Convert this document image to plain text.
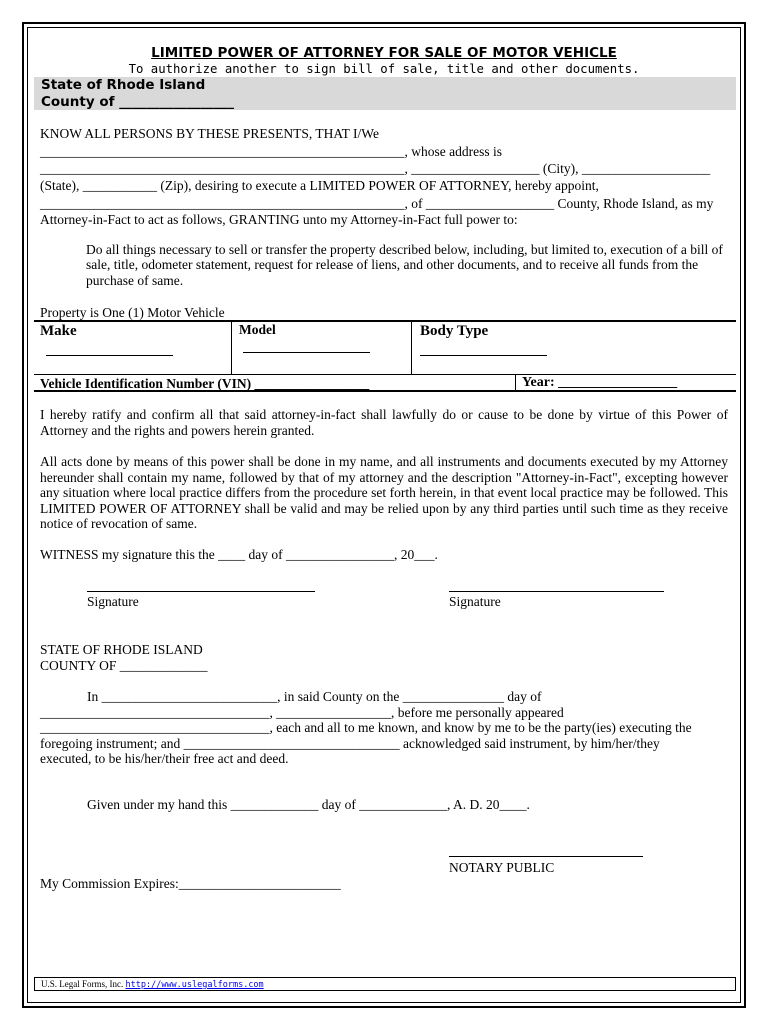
LIMITED POWER OF ATTORNEY FOR SALE OF MOTOR VEHICLE
To authorize another to sign bill of sale, title and other documents.
State of Rhode Island
County of _________________
KNOW ALL PERSONS BY THESE PRESENTS, THAT I/We
______________________________________________________, whose address is
______________________________________________________, ___________________ (City), ___________________
(State), ___________ (Zip), desiring to execute a LIMITED POWER OF ATTORNEY, hereby appoint,
______________________________________________________, of ___________________ County, Rhode Island, as my
Attorney-in-Fact to act as follows, GRANTING unto my Attorney-in-Fact full power to:
Do all things necessary to sell or transfer the property described below, including, but limited to, execution of a bill of sale, title, odometer statement, request for release of liens, and other documents, and to receive all funds from the purchase of same.
Property is One (1) Motor Vehicle
Make	Model	Body Type
Vehicle Identification Number (VIN) _________________	Year: _________________
I hereby ratify and confirm all that said attorney-in-fact shall lawfully do or cause to be done by virtue of this Power of Attorney and the rights and powers herein granted.
All acts done by means of this power shall be done in my name, and all instruments and documents executed by my Attorney hereunder shall contain my name, followed by that of my attorney and the description "Attorney-in-Fact", excepting however any situation where local practice differs from the procedure set forth herein, in that event local practice may be followed. This LIMITED POWER OF ATTORNEY shall be valid and may be relied upon by any third parties until such time as they receive notice of revocation of same.
WITNESS my signature this the ____ day of ________________, 20___.
Signature	Signature
STATE OF RHODE ISLAND
COUNTY OF _____________
In __________________________, in said County on the _______________ day of
__________________________________, _________________, before me personally appeared
__________________________________, each and all to me known, and know by me to be the party(ies) executing the
foregoing instrument; and ________________________________ acknowledged said instrument, by him/her/they
executed, to be his/her/their free act and deed.
Given under my hand this _____________ day of _____________, A. D. 20____.
NOTARY PUBLIC
My Commission Expires:________________________
U.S. Legal Forms, Inc. http://www.uslegalforms.com
